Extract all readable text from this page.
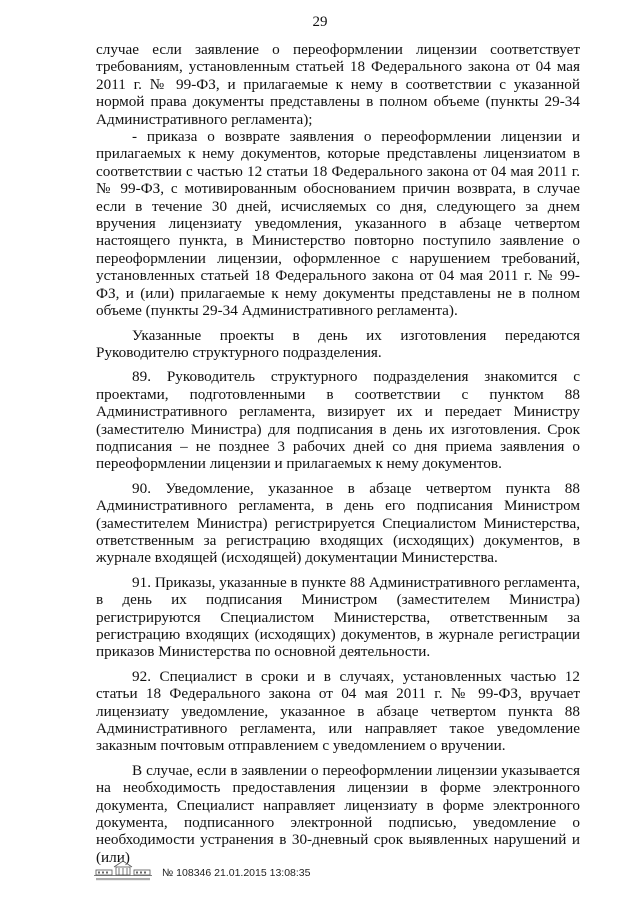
29

случае если заявление о переоформлении лицензии соответствует требованиям, установленным статьей 18 Федерального закона от 04 мая 2011 г. № 99-ФЗ, и прилагаемые к нему в соответствии с указанной нормой права документы представлены в полном объеме (пункты 29-34 Административного регламента);

- приказа о возврате заявления о переоформлении лицензии и прилагаемых к нему документов, которые представлены лицензиатом в соответствии с частью 12 статьи 18 Федерального закона от 04 мая 2011 г. № 99-ФЗ, с мотивированным обоснованием причин возврата, в случае если в течение 30 дней, исчисляемых со дня, следующего за днем вручения лицензиату уведомления, указанного в абзаце четвертом настоящего пункта, в Министерство повторно поступило заявление о переоформлении лицензии, оформленное с нарушением требований, установленных статьей 18 Федерального закона от 04 мая 2011 г. № 99-ФЗ, и (или) прилагаемые к нему документы представлены не в полном объеме (пункты 29-34 Административного регламента).

Указанные проекты в день их изготовления передаются Руководителю структурного подразделения.

89. Руководитель структурного подразделения знакомится с проектами, подготовленными в соответствии с пунктом 88 Административного регламента, визирует их и передает Министру (заместителю Министра) для подписания в день их изготовления. Срок подписания – не позднее 3 рабочих дней со дня приема заявления о переоформлении лицензии и прилагаемых к нему документов.

90. Уведомление, указанное в абзаце четвертом пункта 88 Административного регламента, в день его подписания Министром (заместителем Министра) регистрируется Специалистом Министерства, ответственным за регистрацию входящих (исходящих) документов, в журнале входящей (исходящей) документации Министерства.

91. Приказы, указанные в пункте 88 Административного регламента, в день их подписания Министром (заместителем Министра) регистрируются Специалистом Министерства, ответственным за регистрацию входящих (исходящих) документов, в журнале регистрации приказов Министерства по основной деятельности.

92. Специалист в сроки и в случаях, установленных частью 12 статьи 18 Федерального закона от 04 мая 2011 г. № 99-ФЗ, вручает лицензиату уведомление, указанное в абзаце четвертом пункта 88 Административного регламента, или направляет такое уведомление заказным почтовым отправлением с уведомлением о вручении.

В случае, если в заявлении о переоформлении лицензии указывается на необходимость предоставления лицензии в форме электронного документа, Специалист направляет лицензиату в форме электронного документа, подписанного электронной подписью, уведомление о необходимости устранения в 30-дневный срок выявленных нарушений и (или)

№ 108346 21.01.2015 13:08:35
